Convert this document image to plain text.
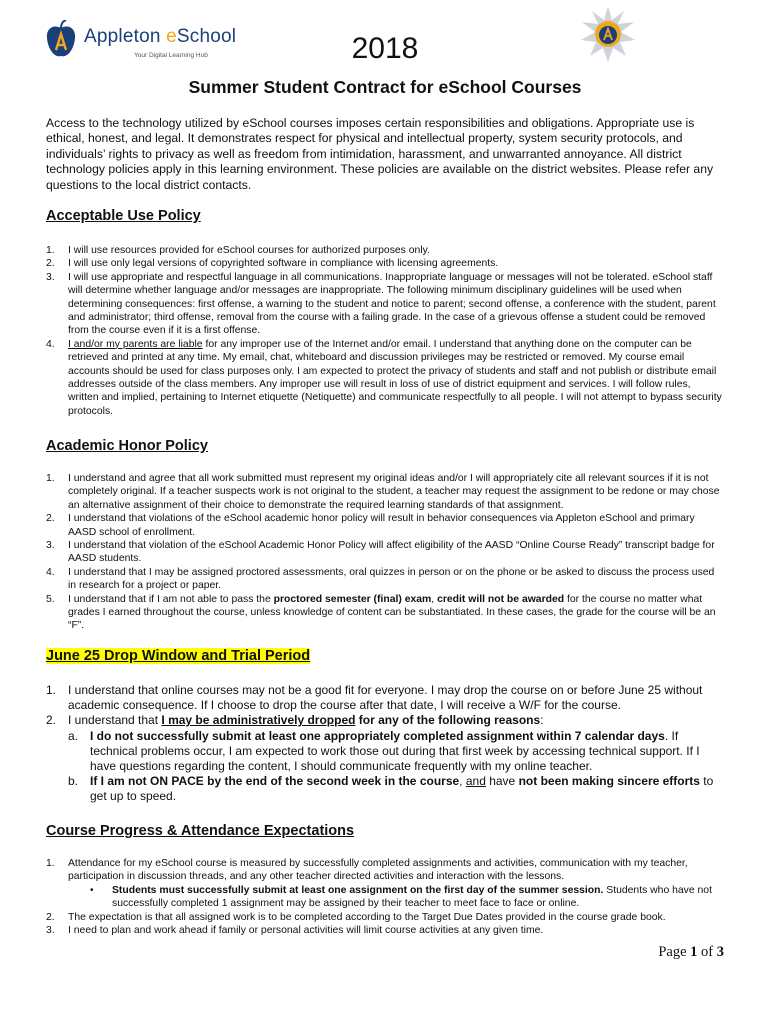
Appleton eSchool
Your Digital Learning Hub	2018
Summer Student Contract for eSchool Courses
Access to the technology utilized by eSchool courses imposes certain responsibilities and obligations. Appropriate use is ethical, honest, and legal. It demonstrates respect for physical and intellectual property, system security protocols, and individuals’ rights to privacy as well as freedom from intimidation, harassment, and unwarranted annoyance. All district technology policies apply in this learning environment. These policies are available on the district websites. Please refer any questions to the local district contacts.
Acceptable Use Policy
1. I will use resources provided for eSchool courses for authorized purposes only.
2. I will use only legal versions of copyrighted software in compliance with licensing agreements.
3. I will use appropriate and respectful language in all communications. Inappropriate language or messages will not be tolerated. eSchool staff will determine whether language and/or messages are inappropriate. The following minimum disciplinary guidelines will be used when determining consequences: first offense, a warning to the student and notice to parent; second offense, a conference with the student, parent and administrator; third offense, removal from the course with a failing grade. In the case of a grievous offense a student could be removed from the course even if it is a first offense.
4. I and/or my parents are liable for any improper use of the Internet and/or email. I understand that anything done on the computer can be retrieved and printed at any time. My email, chat, whiteboard and discussion privileges may be restricted or removed. My course email accounts should be used for class purposes only. I am expected to protect the privacy of students and staff and not publish or distribute email addresses outside of the class members. Any improper use will result in loss of use of district equipment and services. I will follow rules, written and implied, pertaining to Internet etiquette (Netiquette) and communicate respectfully to all people. I will not attempt to bypass security protocols.
Academic Honor Policy
1. I understand and agree that all work submitted must represent my original ideas and/or I will appropriately cite all relevant sources if it is not completely original. If a teacher suspects work is not original to the student, a teacher may request the assignment to be redone or may chose an alternative assignment of their choice to demonstrate the required learning standards of that assignment.
2. I understand that violations of the eSchool academic honor policy will result in behavior consequences via Appleton eSchool and primary AASD school of enrollment.
3. I understand that violation of the eSchool Academic Honor Policy will affect eligibility of the AASD “Online Course Ready” transcript badge for AASD students.
4. I understand that I may be assigned proctored assessments, oral quizzes in person or on the phone or be asked to discuss the process used in research for a project or paper.
5. I understand that if I am not able to pass the proctored semester (final) exam, credit will not be awarded for the course no matter what grades I earned throughout the course, unless knowledge of content can be substantiated. In these cases, the grade for the course will be an “F”.
June 25 Drop Window and Trial Period
1. I understand that online courses may not be a good fit for everyone. I may drop the course on or before June 25 without academic consequence. If I choose to drop the course after that date, I will receive a W/F for the course.
2. I understand that I may be administratively dropped for any of the following reasons:
a. I do not successfully submit at least one appropriately completed assignment within 7 calendar days. If technical problems occur, I am expected to work those out during that first week by accessing technical support. If I have questions regarding the content, I should communicate frequently with my online teacher.
b. If I am not ON PACE by the end of the second week in the course, and have not been making sincere efforts to get up to speed.
Course Progress & Attendance Expectations
1. Attendance for my eSchool course is measured by successfully completed assignments and activities, communication with my teacher, participation in discussion threads, and any other teacher directed activities and interaction with the lessons.
• Students must successfully submit at least one assignment on the first day of the summer session. Students who have not successfully completed 1 assignment may be assigned by their teacher to meet face to face or online.
2. The expectation is that all assigned work is to be completed according to the Target Due Dates provided in the course grade book.
3. I need to plan and work ahead if family or personal activities will limit course activities at any given time.
Page 1 of 3
